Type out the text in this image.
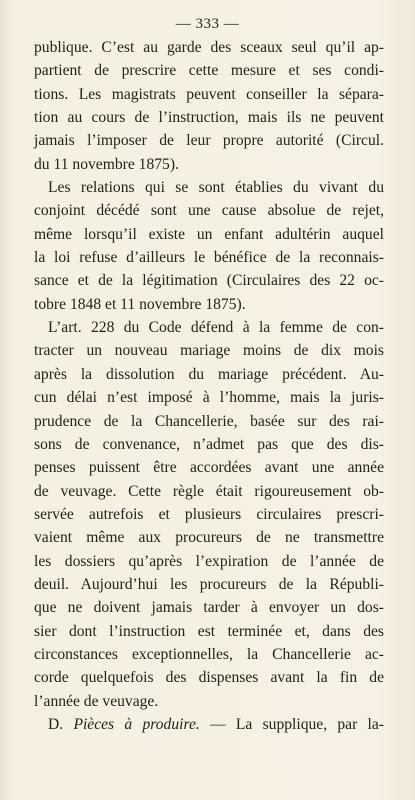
— 333 —
publique. C’est au garde des sceaux seul qu’il ap-
partient de prescrire cette mesure et ses condi-
tions. Les magistrats peuvent conseiller la sépara-
tion au cours de l’instruction, mais ils ne peuvent
jamais l’imposer de leur propre autorité (Circul.
du 11 novembre 1875).
Les relations qui se sont établies du vivant du
conjoint décédé sont une cause absolue de rejet,
même lorsqu’il existe un enfant adultérin auquel
la loi refuse d’ailleurs le bénéfice de la reconnais-
sance et de la légitimation (Circulaires des 22 oc-
tobre 1848 et 11 novembre 1875).
L’art. 228 du Code défend à la femme de con-
tracter un nouveau mariage moins de dix mois
après la dissolution du mariage précédent. Au-
cun délai n’est imposé à l’homme, mais la juris-
prudence de la Chancellerie, basée sur des rai-
sons de convenance, n’admet pas que des dis-
penses puissent être accordées avant une année
de veuvage. Cette règle était rigoureusement ob-
servée autrefois et plusieurs circulaires prescri-
vaient même aux procureurs de ne transmettre
les dossiers qu’après l’expiration de l’année de
deuil. Aujourd’hui les procureurs de la Républi-
que ne doivent jamais tarder à envoyer un dos-
sier dont l’instruction est terminée et, dans des
circonstances exceptionnelles, la Chancellerie ac-
corde quelquefois des dispenses avant la fin de
l’année de veuvage.
D. Pièces à produire. — La supplique, par la-
